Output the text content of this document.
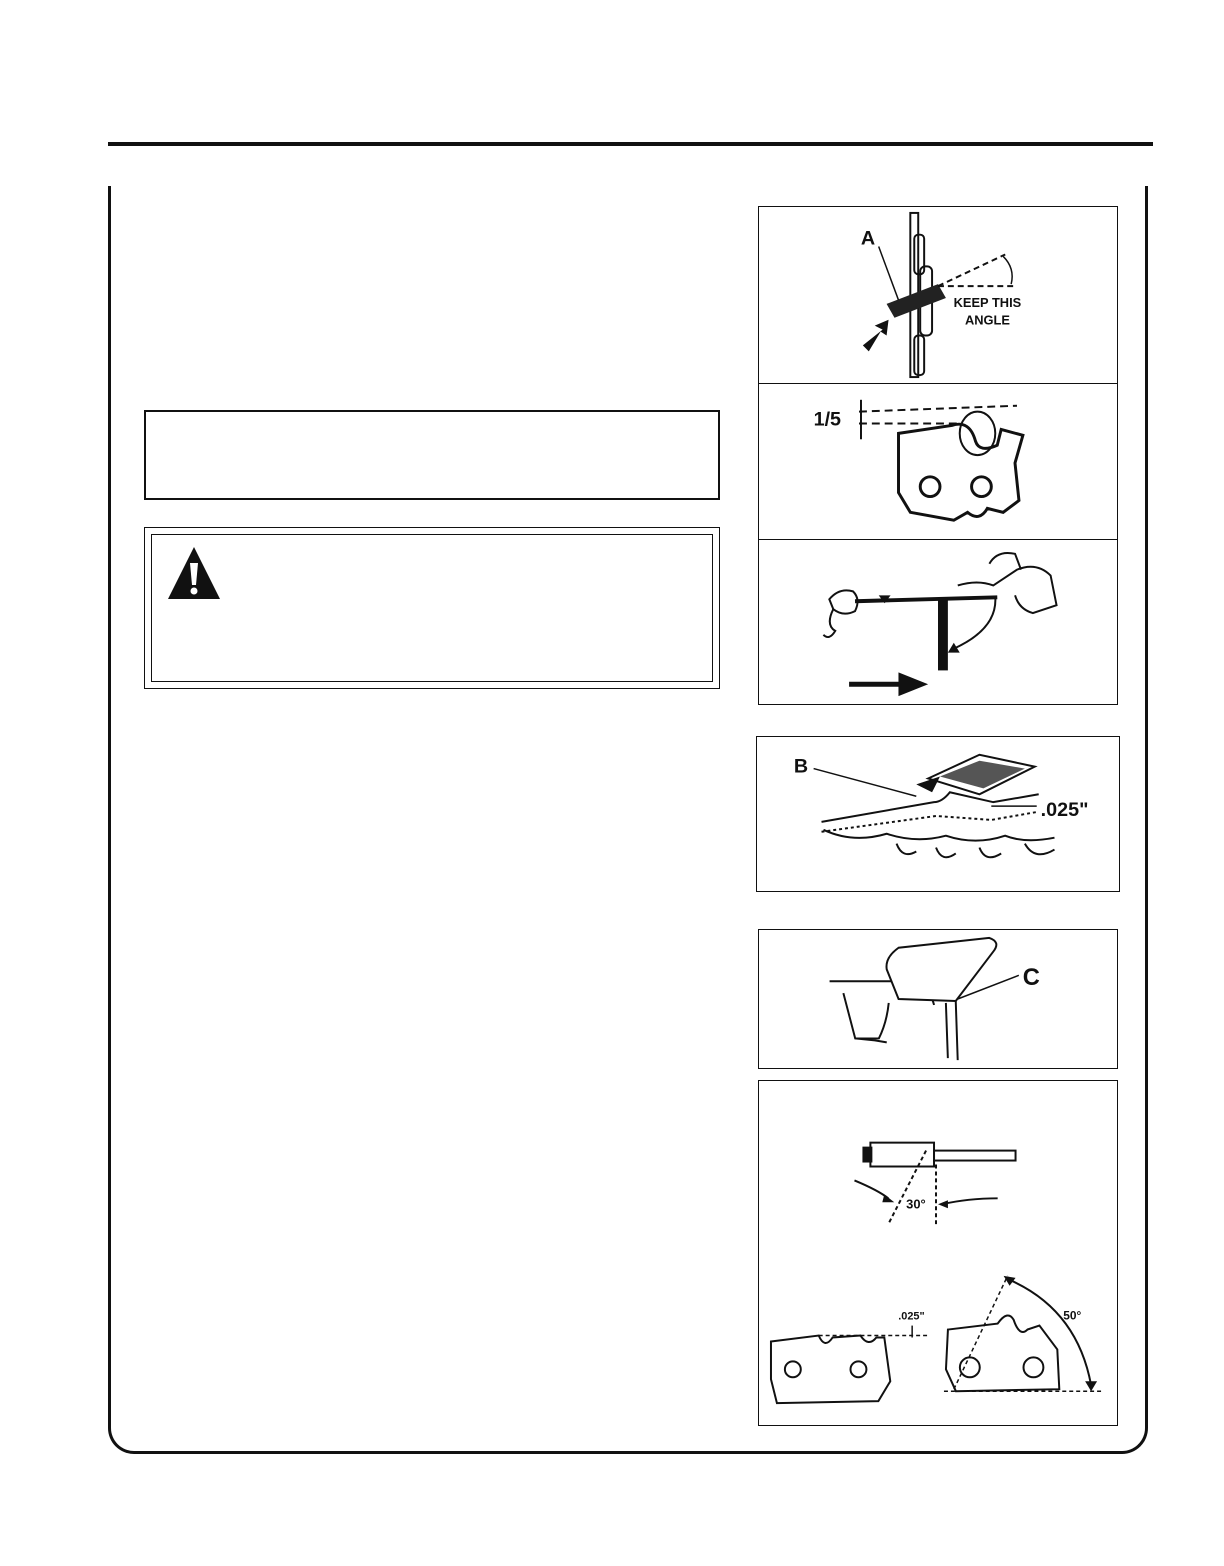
A
KEEP THIS
ANGLE
1/5
B
.025"
C
30°
.025"	50°
